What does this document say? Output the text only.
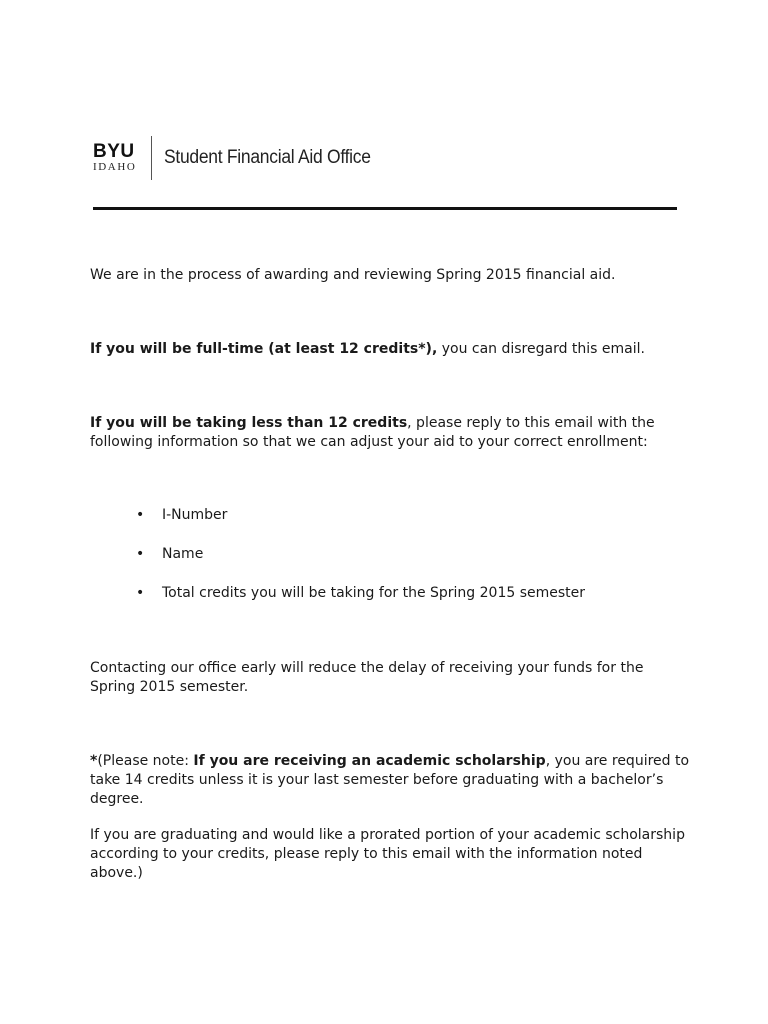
BYU
IDAHO Student Financial Aid Office

We are in the process of awarding and reviewing Spring 2015 financial aid.

If you will be full-time (at least 12 credits*), you can disregard this email.

If you will be taking less than 12 credits, please reply to this email with the following information so that we can adjust your aid to your correct enrollment:

• I-Number
• Name
• Total credits you will be taking for the Spring 2015 semester

Contacting our office early will reduce the delay of receiving your funds for the Spring 2015 semester.

*(Please note: If you are receiving an academic scholarship, you are required to take 14 credits unless it is your last semester before graduating with a bachelor’s degree.

If you are graduating and would like a prorated portion of your academic scholarship according to your credits, please reply to this email with the information noted above.)
